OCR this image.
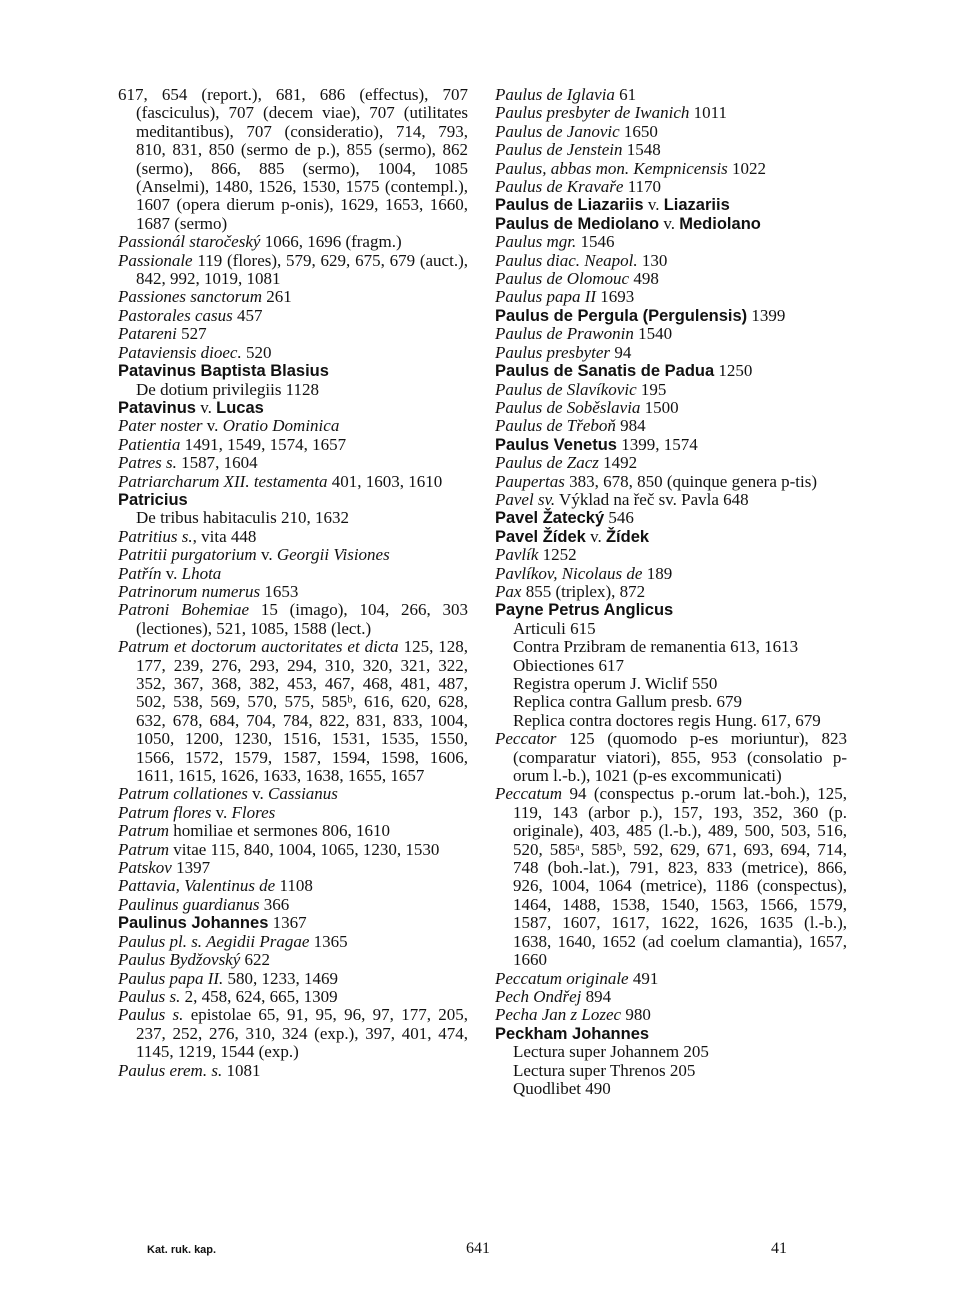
617, 654 (report.), 681, 686 (effectus), 707 (fasciculus), 707 (decem viae), 707 (utilitates meditantibus), 707 (consideratio), 714, 793, 810, 831, 850 (sermo de p.), 855 (sermo), 862 (sermo), 866, 885 (sermo), 1004, 1085 (Anselmi), 1480, 1526, 1530, 1575 (contempl.), 1607 (opera dierum p-onis), 1629, 1653, 1660, 1687 (sermo)

Passionál staročeský 1066, 1696 (fragm.)

Passionale 119 (flores), 579, 629, 675, 679 (auct.), 842, 992, 1019, 1081

Passiones sanctorum 261

Pastorales casus 457

Patareni 527

Pataviensis dioec. 520

Patavinus Baptista Blasius

De dotium privilegiis 1128

Patavinus v. Lucas

Pater noster v. Oratio Dominica

Patientia 1491, 1549, 1574, 1657

Patres s. 1587, 1604

Patriarcharum XII. testamenta 401, 1603, 1610

Patricius

De tribus habitaculis 210, 1632

Patritius s., vita 448

Patritii purgatorium v. Georgii Visiones

Patřín v. Lhota

Patrinorum numerus 1653

Patroni Bohemiae 15 (imago), 104, 266, 303 (lectiones), 521, 1085, 1588 (lect.)

Patrum et doctorum auctoritates et dicta 125, 128, 177, 239, 276, 293, 294, 310, 320, 321, 322, 352, 367, 368, 382, 453, 467, 468, 481, 487, 502, 538, 569, 570, 575, 585ᵇ, 616, 620, 628, 632, 678, 684, 704, 784, 822, 831, 833, 1004, 1050, 1200, 1230, 1516, 1531, 1535, 1550, 1566, 1572, 1579, 1587, 1594, 1598, 1606, 1611, 1615, 1626, 1633, 1638, 1655, 1657

Patrum collationes v. Cassianus

Patrum flores v. Flores

Patrum homiliae et sermones 806, 1610

Patrum vitae 115, 840, 1004, 1065, 1230, 1530

Patskov 1397

Pattavia, Valentinus de 1108

Paulinus guardianus 366

Paulinus Johannes 1367

Paulus pl. s. Aegidii Pragae 1365

Paulus Bydžovský 622

Paulus papa II. 580, 1233, 1469

Paulus s. 2, 458, 624, 665, 1309

Paulus s. epistolae 65, 91, 95, 96, 97, 177, 205, 237, 252, 276, 310, 324 (exp.), 397, 401, 474, 1145, 1219, 1544 (exp.)

Paulus erem. s. 1081

Paulus de Iglavia 61

Paulus presbyter de Iwanich 1011

Paulus de Janovic 1650

Paulus de Jenstein 1548

Paulus, abbas mon. Kempnicensis 1022

Paulus de Kravaře 1170

Paulus de Liazariis v. Liazariis

Paulus de Mediolano v. Mediolano

Paulus mgr. 1546

Paulus diac. Neapol. 130

Paulus de Olomouc 498

Paulus papa II 1693

Paulus de Pergula (Pergulensis) 1399

Paulus de Prawonin 1540

Paulus presbyter 94

Paulus de Sanatis de Padua 1250

Paulus de Slavíkovic 195

Paulus de Soběslavia 1500

Paulus de Třeboň 984

Paulus Venetus 1399, 1574

Paulus de Zacz 1492

Paupertas 383, 678, 850 (quinque genera p-tis)

Pavel sv. Výklad na řeč sv. Pavla 648

Pavel Žatecký 546

Pavel Žídek v. Žídek

Pavlík 1252

Pavlíkov, Nicolaus de 189

Pax 855 (triplex), 872

Payne Petrus Anglicus

Articuli 615

Contra Przibram de remanentia 613, 1613

Obiectiones 617

Registra operum J. Wiclif 550

Replica contra Gallum presb. 679

Replica contra doctores regis Hung. 617, 679

Peccator 125 (quomodo p-es moriuntur), 823 (comparatur viatori), 855, 953 (consolatio p-orum l.-b.), 1021 (p-es excommunicati)

Peccatum 94 (conspectus p.-orum lat.-boh.), 125, 119, 143 (arbor p.), 157, 193, 352, 360 (p. originale), 403, 485 (l.-b.), 489, 500, 503, 516, 520, 585ᵃ, 585ᵇ, 592, 629, 671, 693, 694, 714, 748 (boh.-lat.), 791, 823, 833 (metrice), 866, 926, 1004, 1064 (metrice), 1186 (conspectus), 1464, 1488, 1538, 1540, 1563, 1566, 1579, 1587, 1607, 1617, 1622, 1626, 1635 (l.-b.), 1638, 1640, 1652 (ad coelum clamantia), 1657, 1660

Peccatum originale 491

Pech Ondřej 894

Pecha Jan z Lozec 980

Peckham Johannes

Lectura super Johannem 205

Lectura super Threnos 205

Quodlibet 490

Kat. ruk. kap.	641	41
